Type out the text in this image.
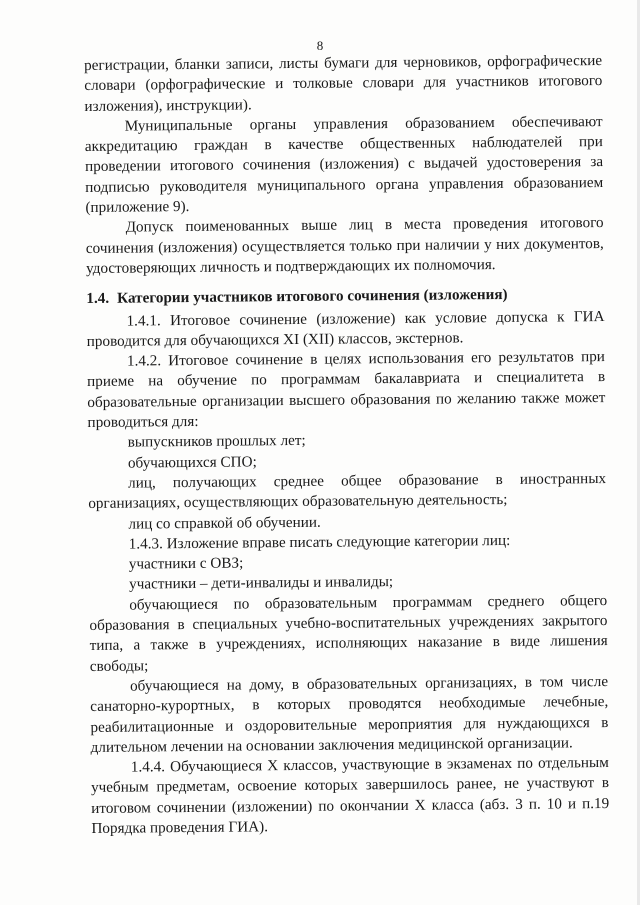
8

регистрации, бланки записи, листы бумаги для черновиков, орфографические словари (орфографические и толковые словари для участников итогового изложения), инструкции).

Муниципальные органы управления образованием обеспечивают аккредитацию граждан в качестве общественных наблюдателей при проведении итогового сочинения (изложения) с выдачей удостоверения за подписью руководителя муниципального органа управления образованием (приложение 9).

Допуск поименованных выше лиц в места проведения итогового сочинения (изложения) осуществляется только при наличии у них документов, удостоверяющих личность и подтверждающих их полномочия.

1.4. Категории участников итогового сочинения (изложения)

1.4.1. Итоговое сочинение (изложение) как условие допуска к ГИА проводится для обучающихся XI (XII) классов, экстернов.

1.4.2. Итоговое сочинение в целях использования его результатов при приеме на обучение по программам бакалавриата и специалитета в образовательные организации высшего образования по желанию также может проводиться для:

выпускников прошлых лет;

обучающихся СПО;

лиц, получающих среднее общее образование в иностранных организациях, осуществляющих образовательную деятельность;

лиц со справкой об обучении.

1.4.3. Изложение вправе писать следующие категории лиц:

участники с ОВЗ;

участники – дети-инвалиды и инвалиды;

обучающиеся по образовательным программам среднего общего образования в специальных учебно-воспитательных учреждениях закрытого типа, а также в учреждениях, исполняющих наказание в виде лишения свободы;

обучающиеся на дому, в образовательных организациях, в том числе санаторно-курортных, в которых проводятся необходимые лечебные, реабилитационные и оздоровительные мероприятия для нуждающихся в длительном лечении на основании заключения медицинской организации.

1.4.4. Обучающиеся X классов, участвующие в экзаменах по отдельным учебным предметам, освоение которых завершилось ранее, не участвуют в итоговом сочинении (изложении) по окончании X класса (абз. 3 п. 10 и п.19 Порядка проведения ГИА).
